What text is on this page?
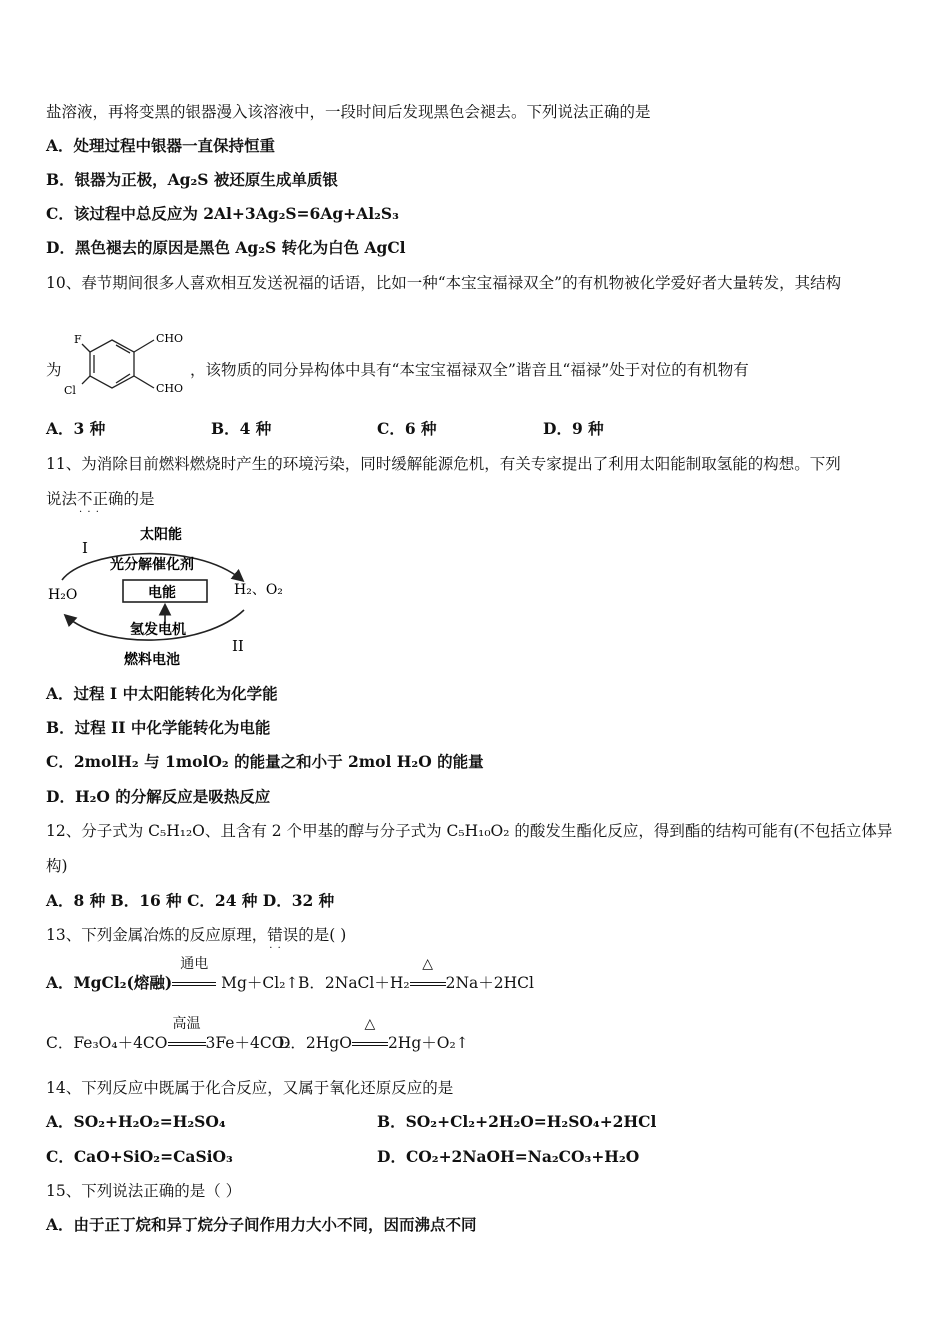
盐溶液，再将变黑的银器漫入该溶液中，一段时间后发现黑色会褪去。下列说法正确的是
A．处理过程中银器一直保持恒重
B．银器为正极，Ag₂S 被还原生成单质银
C．该过程中总反应为 2Al+3Ag₂S=6Ag+Al₂S₃
D．黑色褪去的原因是黑色 Ag₂S 转化为白色 AgCl
10、春节期间很多人喜欢相互发送祝福的话语，比如一种“本宝宝福禄双全”的有机物被化学爱好者大量转发，其结构
为
F
Cl
CHO
CHO
，该物质的同分异构体中具有“本宝宝福禄双全”谐音且“福禄”处于对位的有机物有
A．3 种	B．4 种	C．6 种	D．9 种
11、为消除目前燃料燃烧时产生的环境污染，同时缓解能源危机，有关专家提出了利用太阳能制取氢能的构想。下列
说法不正确 · · ·的是
太阳能
光分解催化剂
I
H₂O	H₂、O₂
电能
氢发电机
II
燃料电池
A．过程 I 中太阳能转化为化学能
B．过程 II 中化学能转化为电能
C．2molH₂ 与 1molO₂ 的能量之和小于 2mol H₂O 的能量
D．H₂O 的分解反应是吸热反应
12、分子式为 C₅H₁₂O、且含有 2 个甲基的醇与分子式为 C₅H₁₀O₂ 的酸发生酯化反应，得到酯的结构可能有(不包括立体异
构)
A．8 种 B．16 种 C．24 种 D．32 种
13、下列金属冶炼的反应原理，错误 · ·的是( )
A．MgCl₂(熔融)
通电
Mg＋Cl₂↑ B．2NaCl＋H₂
△
2Na＋2HCl
C．Fe₃O₄＋4CO
高温
3Fe＋4CO₂
D．2HgO
△
2Hg＋O₂↑
14、下列反应中既属于化合反应，又属于氧化还原反应的是
A．SO₂+H₂O₂=H₂SO₄	B．SO₂+Cl₂+2H₂O=H₂SO₄+2HCl
C．CaO+SiO₂=CaSiO₃	D．CO₂+2NaOH=Na₂CO₃+H₂O
15、下列说法正确的是（ ）
A．由于正丁烷和异丁烷分子间作用力大小不同，因而沸点不同
